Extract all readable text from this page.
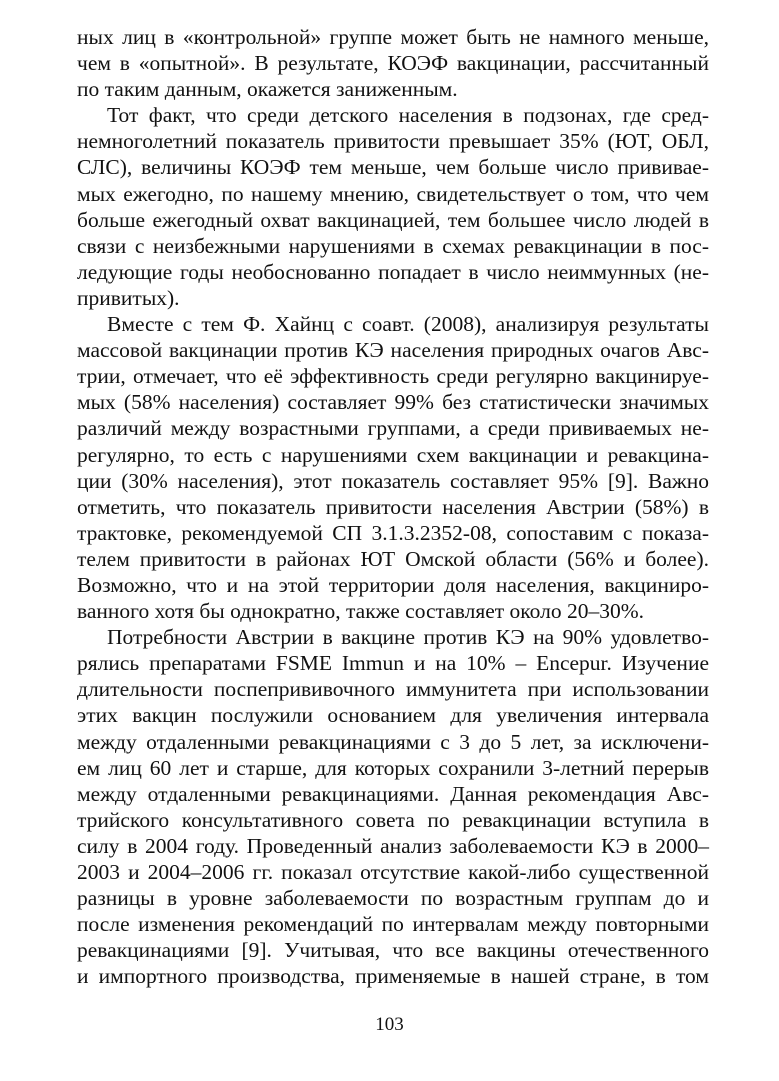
ных лиц в «контрольной» группе может быть не намного меньше,
чем в «опытной». В результате, КОЭФ вакцинации, рассчитанный
по таким данным, окажется заниженным.
Тот факт, что среди детского населения в подзонах, где сред-
немноголетний показатель привитости превышает 35% (ЮТ, ОБЛ,
СЛС), величины КОЭФ тем меньше, чем больше число прививае-
мых ежегодно, по нашему мнению, свидетельствует о том, что чем
больше ежегодный охват вакцинацией, тем большее число людей в
связи с неизбежными нарушениями в схемах ревакцинации в пос-
ледующие годы необоснованно попадает в число неиммунных (не-
привитых).
Вместе с тем Ф. Хайнц с соавт. (2008), анализируя результаты
массовой вакцинации против КЭ населения природных очагов Авс-
трии, отмечает, что её эффективность среди регулярно вакцинируе-
мых (58% населения) составляет 99% без статистически значимых
различий между возрастными группами, а среди прививаемых не-
регулярно, то есть с нарушениями схем вакцинации и ревакцина-
ции (30% населения), этот показатель составляет 95% [9]. Важно
отметить, что показатель привитости населения Австрии (58%) в
трактовке, рекомендуемой СП 3.1.3.2352-08, сопоставим с показа-
телем привитости в районах ЮТ Омской области (56% и более).
Возможно, что и на этой территории доля населения, вакциниро-
ванного хотя бы однократно, также составляет около 20–30%.
Потребности Австрии в вакцине против КЭ на 90% удовлетво-
рялись препаратами FSME Immun и на 10% – Encepur. Изучение
длительности поспепрививочного иммунитета при использовании
этих вакцин послужили основанием для увеличения интервала
между отдаленными ревакцинациями с 3 до 5 лет, за исключени-
ем лиц 60 лет и старше, для которых сохранили 3-летний перерыв
между отдаленными ревакцинациями. Данная рекомендация Авс-
трийского консультативного совета по ревакцинации вступила в
силу в 2004 году. Проведенный анализ заболеваемости КЭ в 2000–
2003 и 2004–2006 гг. показал отсутствие какой-либо существенной
разницы в уровне заболеваемости по возрастным группам до и
после изменения рекомендаций по интервалам между повторными
ревакцинациями [9]. Учитывая, что все вакцины отечественного
и импортного производства, применяемые в нашей стране, в том
103
